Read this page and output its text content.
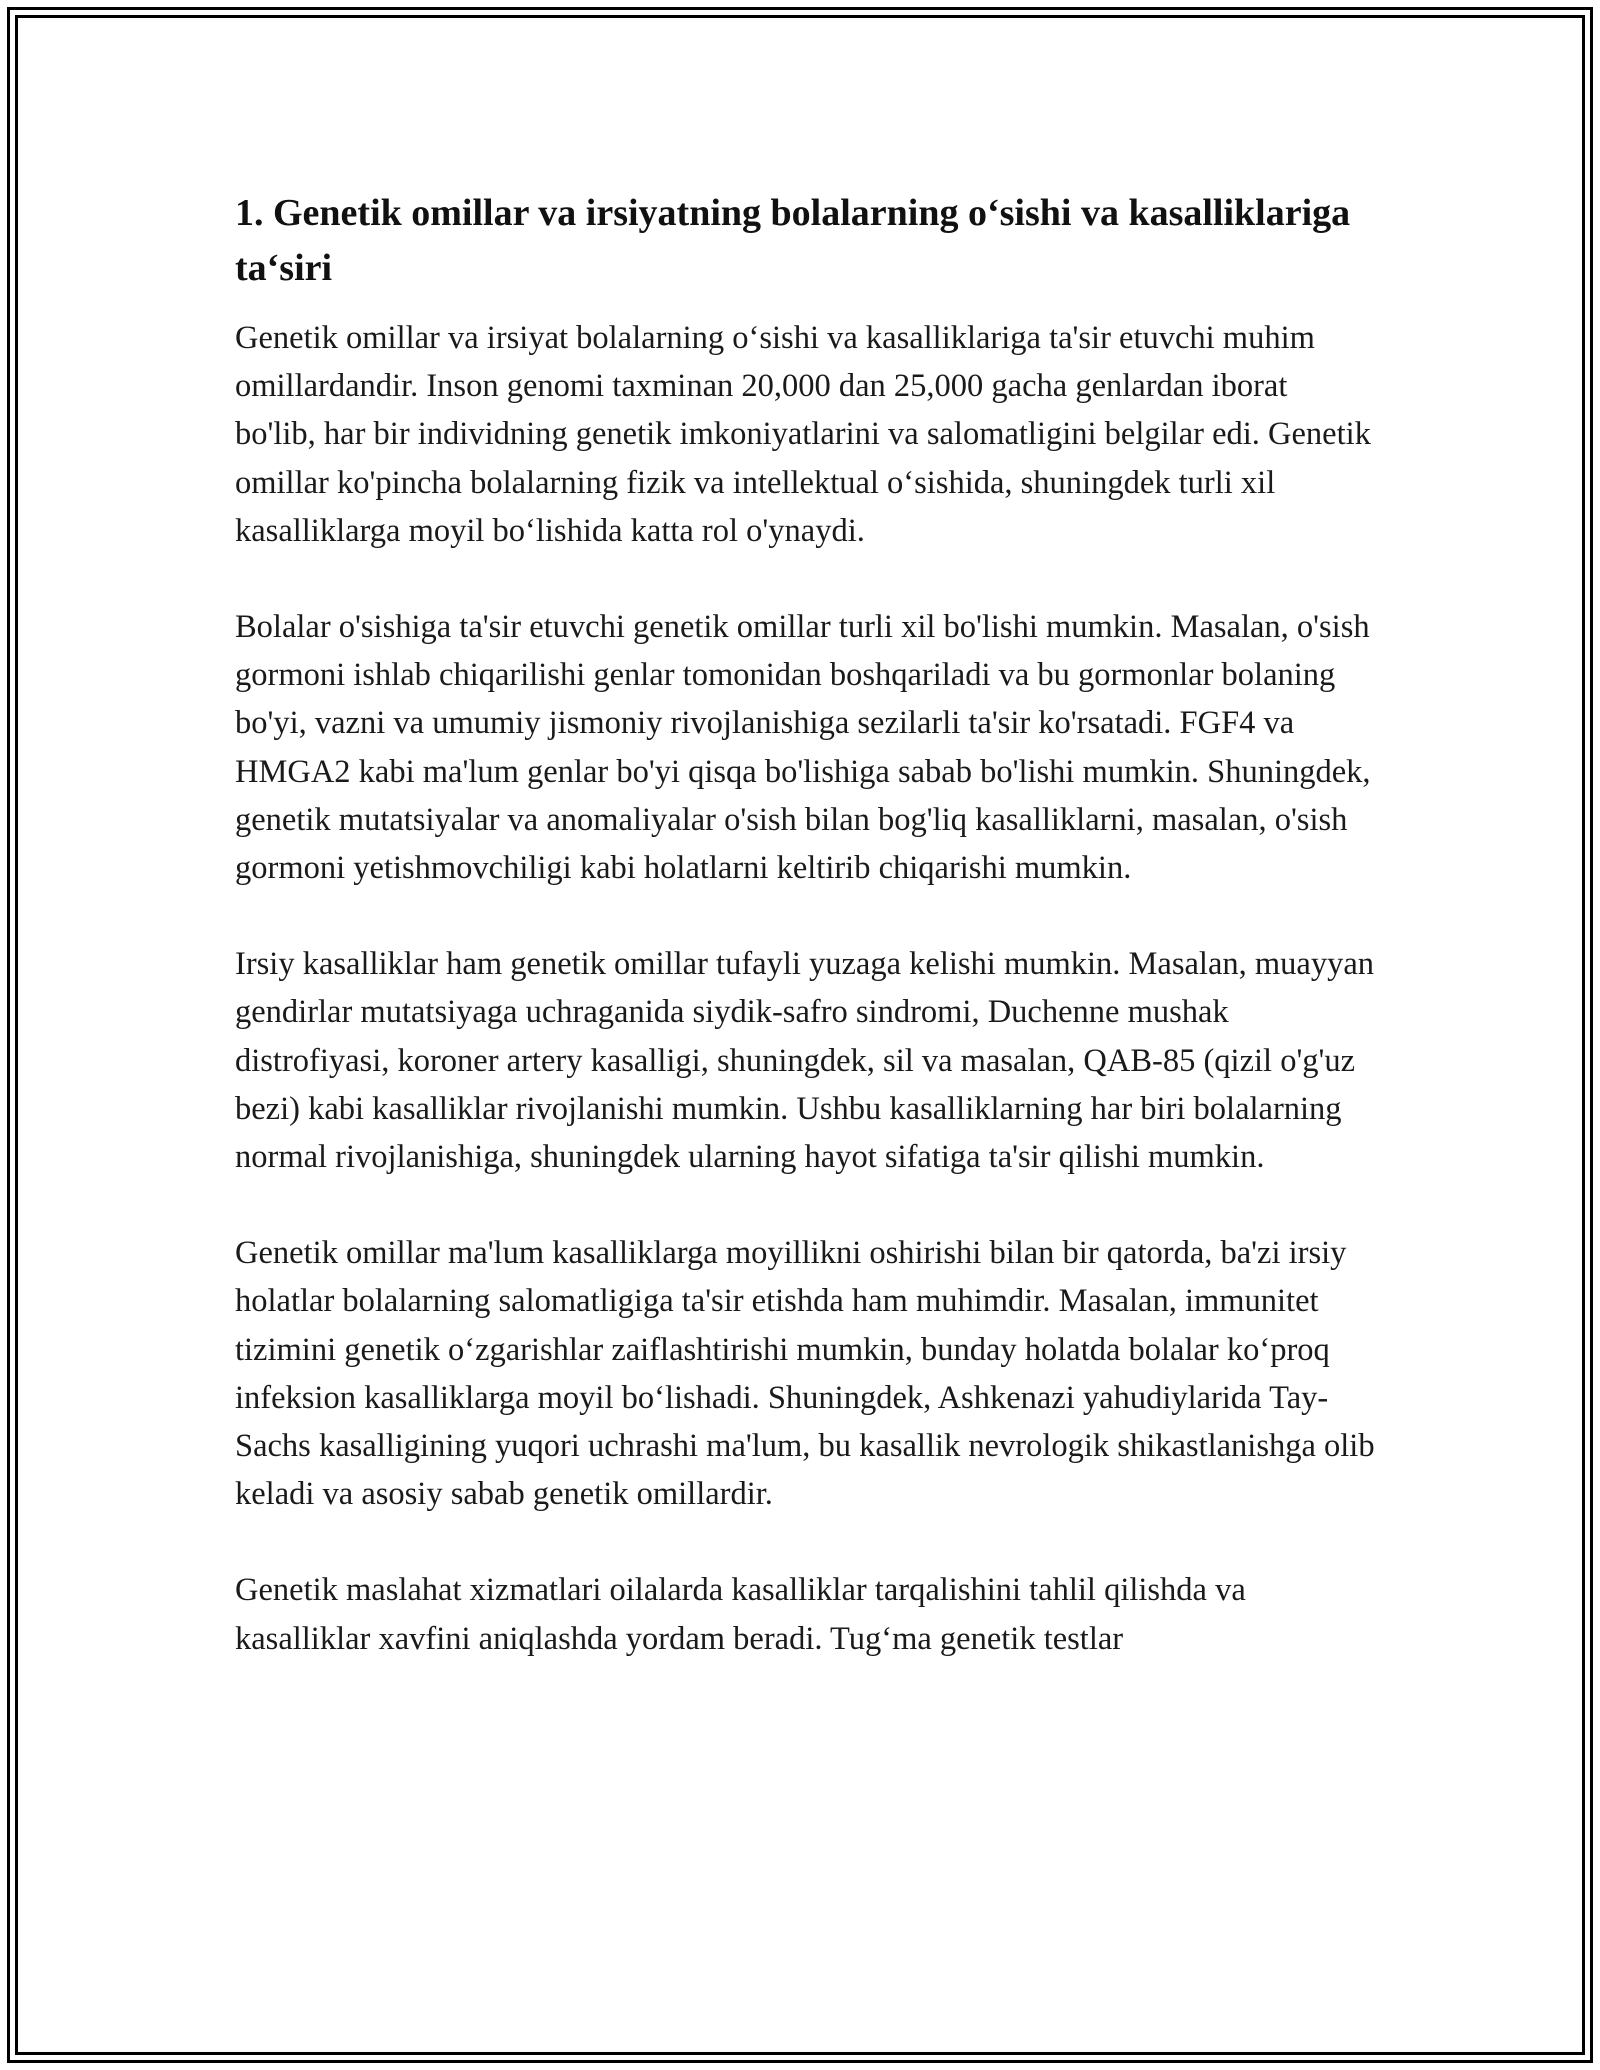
1. Genetik omillar va irsiyatning bolalarning o‘sishi va kasalliklariga ta‘siri

Genetik omillar va irsiyat bolalarning o‘sishi va kasalliklariga ta'sir etuvchi muhim omillardandir. Inson genomi taxminan 20,000 dan 25,000 gacha genlardan iborat bo'lib, har bir individning genetik imkoniyatlarini va salomatligini belgilar edi. Genetik omillar ko'pincha bolalarning fizik va intellektual o‘sishida, shuningdek turli xil kasalliklarga moyil bo‘lishida katta rol o'ynaydi.

Bolalar o'sishiga ta'sir etuvchi genetik omillar turli xil bo'lishi mumkin. Masalan, o'sish gormoni ishlab chiqarilishi genlar tomonidan boshqariladi va bu gormonlar bolaning bo'yi, vazni va umumiy jismoniy rivojlanishiga sezilarli ta'sir ko'rsatadi. FGF4 va HMGA2 kabi ma'lum genlar bo'yi qisqa bo'lishiga sabab bo'lishi mumkin. Shuningdek, genetik mutatsiyalar va anomaliyalar o'sish bilan bog'liq kasalliklarni, masalan, o'sish gormoni yetishmovchiligi kabi holatlarni keltirib chiqarishi mumkin.

Irsiy kasalliklar ham genetik omillar tufayli yuzaga kelishi mumkin. Masalan, muayyan gendirlar mutatsiyaga uchraganida siydik-safro sindromi, Duchenne mushak distrofiyasi, koroner artery kasalligi, shuningdek, sil va masalan, QAB-85 (qizil o'g'uz bezi) kabi kasalliklar rivojlanishi mumkin. Ushbu kasalliklarning har biri bolalarning normal rivojlanishiga, shuningdek ularning hayot sifatiga ta'sir qilishi mumkin.

Genetik omillar ma'lum kasalliklarga moyillikni oshirishi bilan bir qatorda, ba'zi irsiy holatlar bolalarning salomatligiga ta'sir etishda ham muhimdir. Masalan, immunitet tizimini genetik o‘zgarishlar zaiflashtirishi mumkin, bunday holatda bolalar ko‘proq infeksion kasalliklarga moyil bo‘lishadi. Shuningdek, Ashkenazi yahudiylarida Tay-Sachs kasalligining yuqori uchrashi ma'lum, bu kasallik nevrologik shikastlanishga olib keladi va asosiy sabab genetik omillardir.

Genetik maslahat xizmatlari oilalarda kasalliklar tarqalishini tahlil qilishda va kasalliklar xavfini aniqlashda yordam beradi. Tug‘ma genetik testlar
